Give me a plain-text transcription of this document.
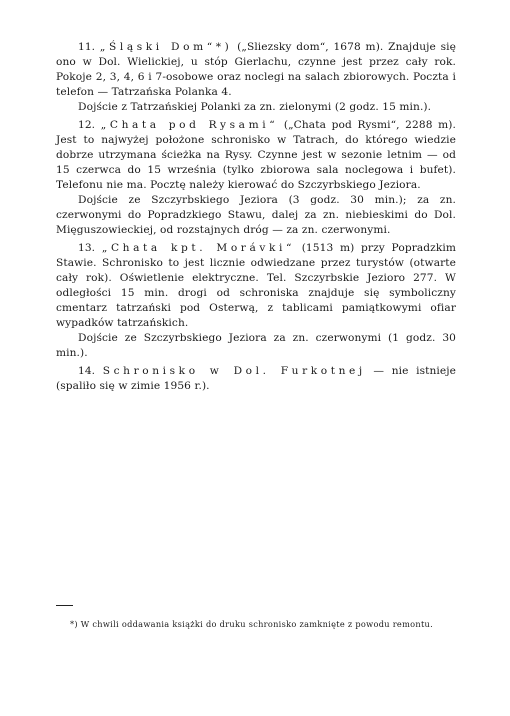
11. „Śląski Dom“*) („Sliezsky dom“, 1678 m). Znajduje się ono w Dol. Wielickiej, u stóp Gierlachu, czynne jest przez cały rok. Pokoje 2, 3, 4, 6 i 7-osobowe oraz noclegi na salach zbiorowych. Poczta i telefon — Tatrzańska Polanka 4.

Dojście z Tatrzańskiej Polanki za zn. zielonymi (2 godz. 15 min.).

12. „Chata pod Rysami“ („Chata pod Rysmi“, 2288 m). Jest to najwyżej położone schronisko w Tatrach, do którego wiedzie dobrze utrzymana ścieżka na Rysy. Czynne jest w sezonie letnim — od 15 czerwca do 15 września (tylko zbiorowa sala noclegowa i bufet). Telefonu nie ma. Pocztę należy kierować do Szczyrbskiego Jeziora.

Dojście ze Szczyrbskiego Jeziora (3 godz. 30 min.); za zn. czerwonymi do Popradzkiego Stawu, dalej za zn. niebieskimi do Dol. Mięguszowieckiej, od rozstajnych dróg — za zn. czerwonymi.

13. „Chata kpt. Morávki“ (1513 m) przy Popradzkim Stawie. Schronisko to jest licznie odwiedzane przez turystów (otwarte cały rok). Oświetlenie elektryczne. Tel. Szczyrbskie Jezioro 277. W odległości 15 min. drogi od schroniska znajduje się symboliczny cmentarz tatrzański pod Osterwą, z tablicami pamiątkowymi ofiar wypadków tatrzańskich.

Dojście ze Szczyrbskiego Jeziora za zn. czerwonymi (1 godz. 30 min.).

14. Schronisko w Dol. Furkotnej — nie istnieje (spaliło się w zimie 1956 r.).

*) W chwili oddawania książki do druku schronisko zamknięte z powodu remontu.
